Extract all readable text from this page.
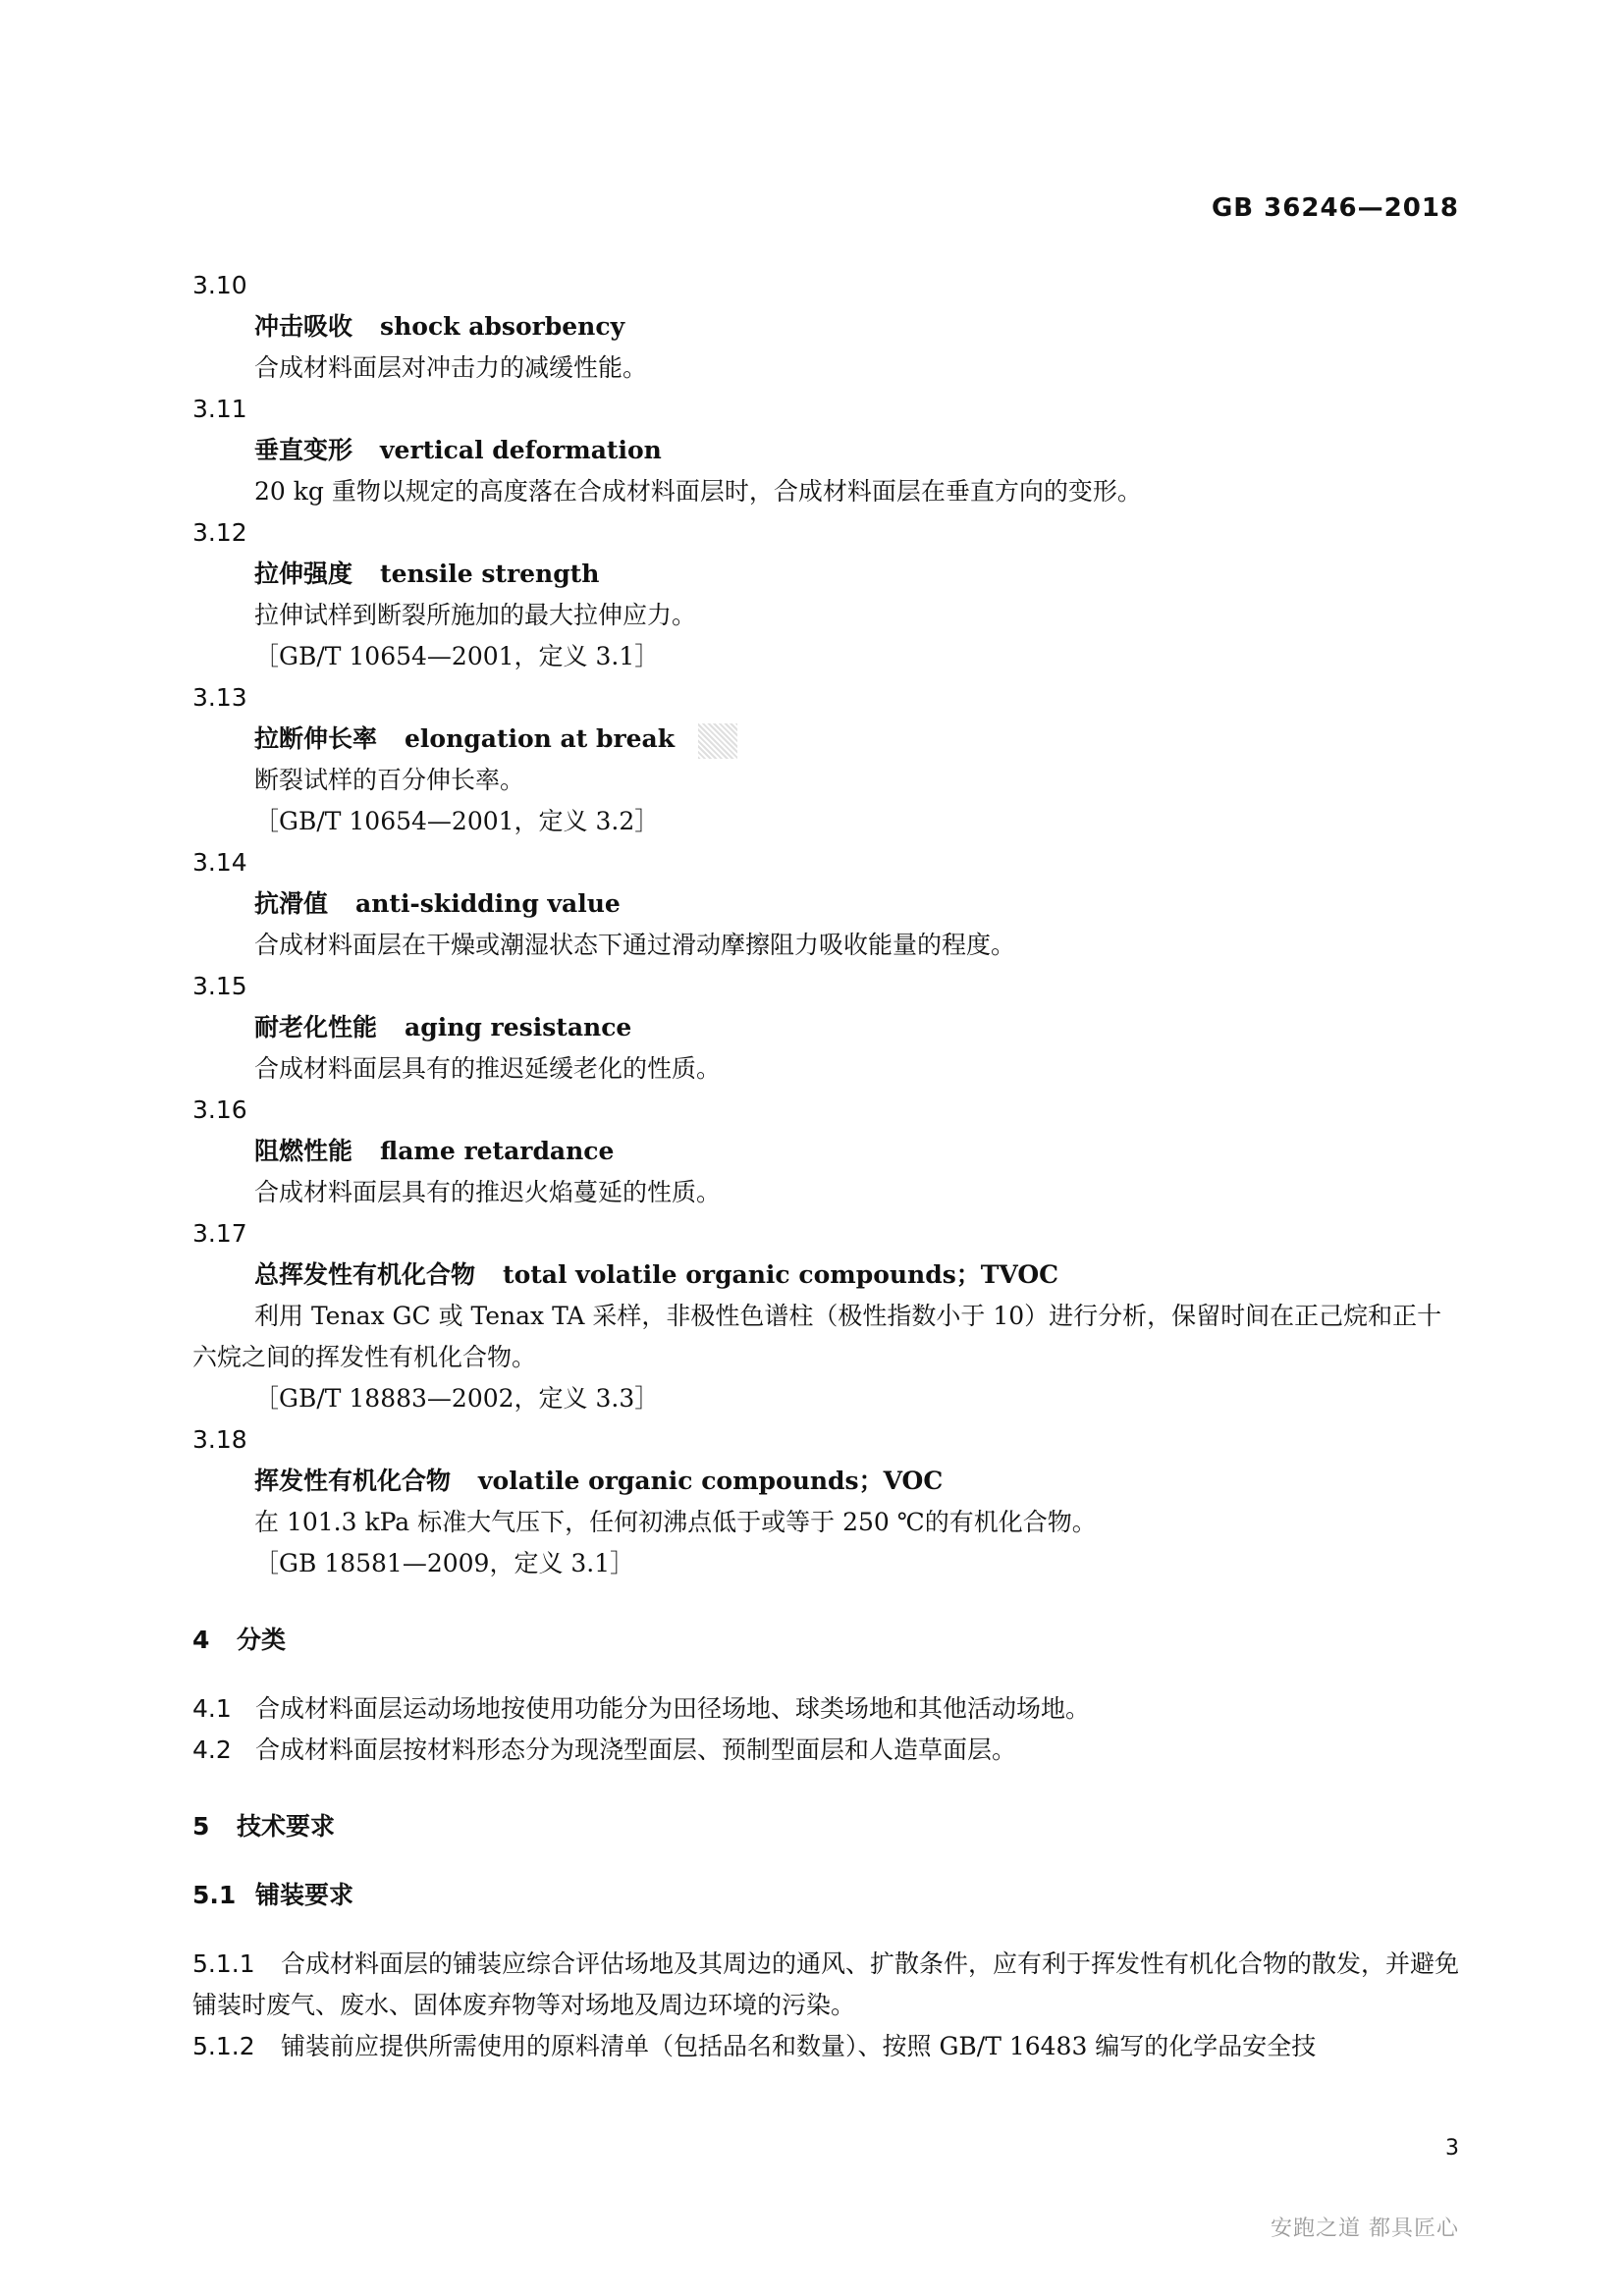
GB 36246—2018
3.10
冲击吸收 shock absorbency
合成材料面层对冲击力的减缓性能。
3.11
垂直变形 vertical deformation
20 kg 重物以规定的高度落在合成材料面层时，合成材料面层在垂直方向的变形。
3.12
拉伸强度 tensile strength
拉伸试样到断裂所施加的最大拉伸应力。
［GB/T 10654—2001，定义 3.1］
3.13
拉断伸长率 elongation at break
断裂试样的百分伸长率。
［GB/T 10654—2001，定义 3.2］
3.14
抗滑值 anti-skidding value
合成材料面层在干燥或潮湿状态下通过滑动摩擦阻力吸收能量的程度。
3.15
耐老化性能 aging resistance
合成材料面层具有的推迟延缓老化的性质。
3.16
阻燃性能 flame retardance
合成材料面层具有的推迟火焰蔓延的性质。
3.17
总挥发性有机化合物 total volatile organic compounds；TVOC
利用 Tenax GC 或 Tenax TA 采样，非极性色谱柱（极性指数小于 10）进行分析，保留时间在正己烷和正十六烷之间的挥发性有机化合物。
［GB/T 18883—2002，定义 3.3］
3.18
挥发性有机化合物 volatile organic compounds；VOC
在 101.3 kPa 标准大气压下，任何初沸点低于或等于 250 ℃的有机化合物。
［GB 18581—2009，定义 3.1］
4 分类
4.1 合成材料面层运动场地按使用功能分为田径场地、球类场地和其他活动场地。
4.2 合成材料面层按材料形态分为现浇型面层、预制型面层和人造草面层。
5 技术要求
5.1 铺装要求
5.1.1 合成材料面层的铺装应综合评估场地及其周边的通风、扩散条件，应有利于挥发性有机化合物的散发，并避免铺装时废气、废水、固体废弃物等对场地及周边环境的污染。
5.1.2 铺装前应提供所需使用的原料清单（包括品名和数量）、按照 GB/T 16483 编写的化学品安全技
3
安跑之道 都具匠心
